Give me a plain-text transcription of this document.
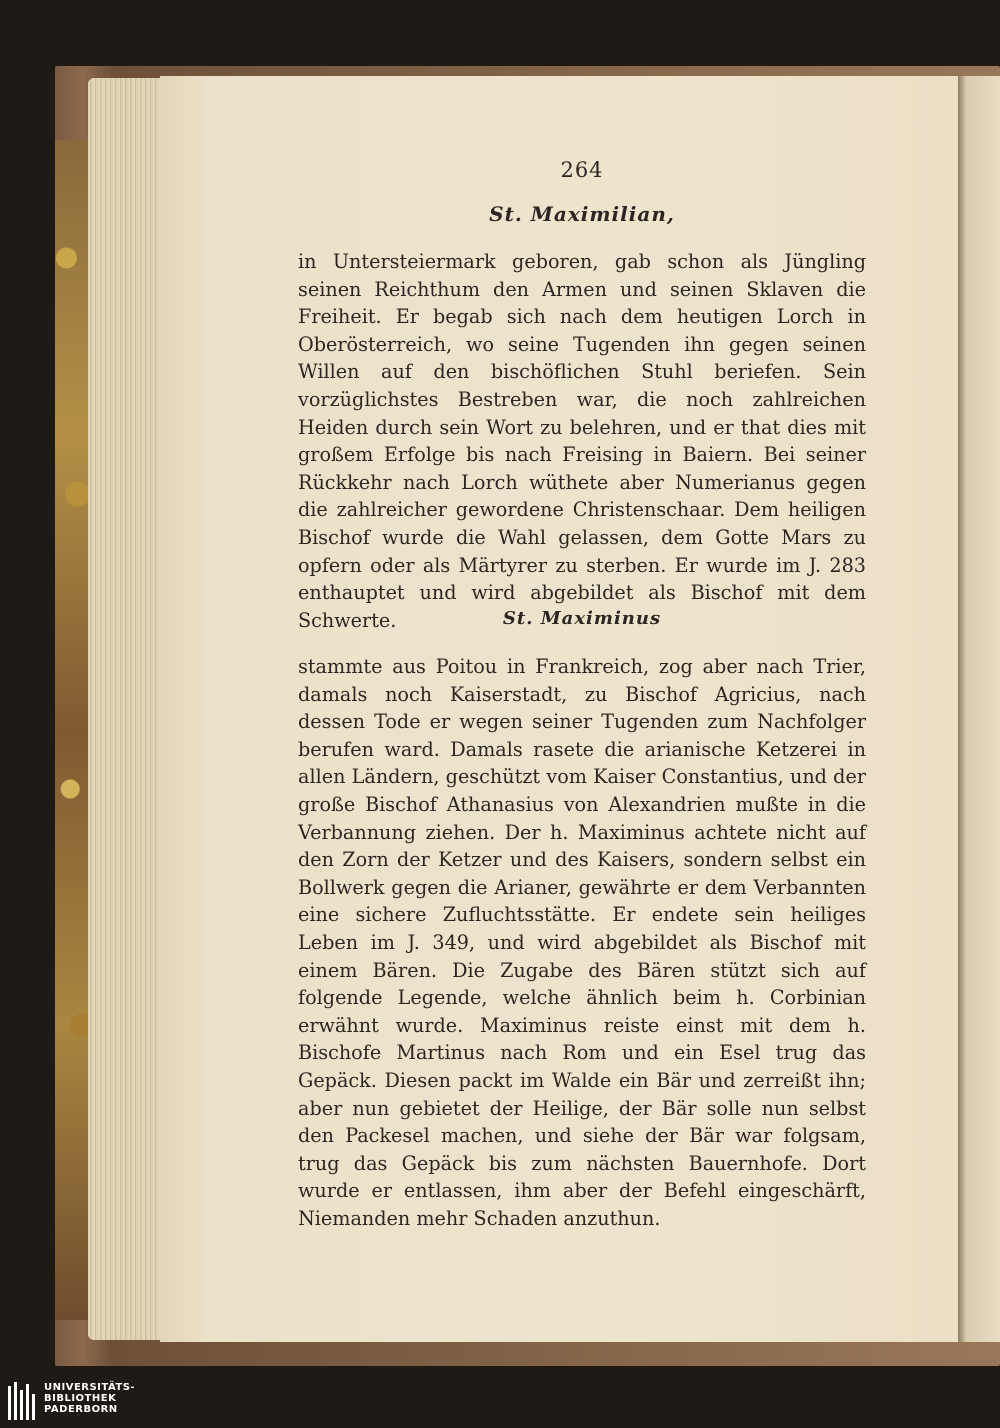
264
St. Maximilian,
in Untersteiermark geboren, gab schon als Jüngling seinen Reichthum den Armen und seinen Sklaven die Freiheit. Er begab sich nach dem heutigen Lorch in Oberösterreich, wo seine Tugenden ihn gegen seinen Willen auf den bischöflichen Stuhl beriefen. Sein vorzüglichstes Bestreben war, die noch zahlreichen Heiden durch sein Wort zu belehren, und er that dies mit großem Erfolge bis nach Freising in Baiern. Bei seiner Rückkehr nach Lorch wüthete aber Numerianus gegen die zahlreicher gewordene Christenschaar. Dem heiligen Bischof wurde die Wahl gelassen, dem Gotte Mars zu opfern oder als Märtyrer zu sterben. Er wurde im J. 283 enthauptet und wird abgebildet als Bischof mit dem Schwerte.	St. Maximinus
stammte aus Poitou in Frankreich, zog aber nach Trier, damals noch Kaiserstadt, zu Bischof Agricius, nach dessen Tode er wegen seiner Tugenden zum Nachfolger berufen ward. Damals rasete die arianische Ketzerei in allen Ländern, geschützt vom Kaiser Constantius, und der große Bischof Athanasius von Alexandrien mußte in die Verbannung ziehen. Der h. Maximinus achtete nicht auf den Zorn der Ketzer und des Kaisers, sondern selbst ein Bollwerk gegen die Arianer, gewährte er dem Verbannten eine sichere Zufluchtsstätte. Er endete sein heiliges Leben im J. 349, und wird abgebildet als Bischof mit einem Bären. Die Zugabe des Bären stützt sich auf folgende Legende, welche ähnlich beim h. Corbinian erwähnt wurde. Maximinus reiste einst mit dem h. Bischofe Martinus nach Rom und ein Esel trug das Gepäck. Diesen packt im Walde ein Bär und zerreißt ihn; aber nun gebietet der Heilige, der Bär solle nun selbst den Packesel machen, und siehe der Bär war folgsam, trug das Gepäck bis zum nächsten Bauernhofe. Dort wurde er entlassen, ihm aber der Befehl eingeschärft, Niemanden mehr Schaden anzuthun.
UNIVERSITÄTS-
BIBLIOTHEK
PADERBORN
